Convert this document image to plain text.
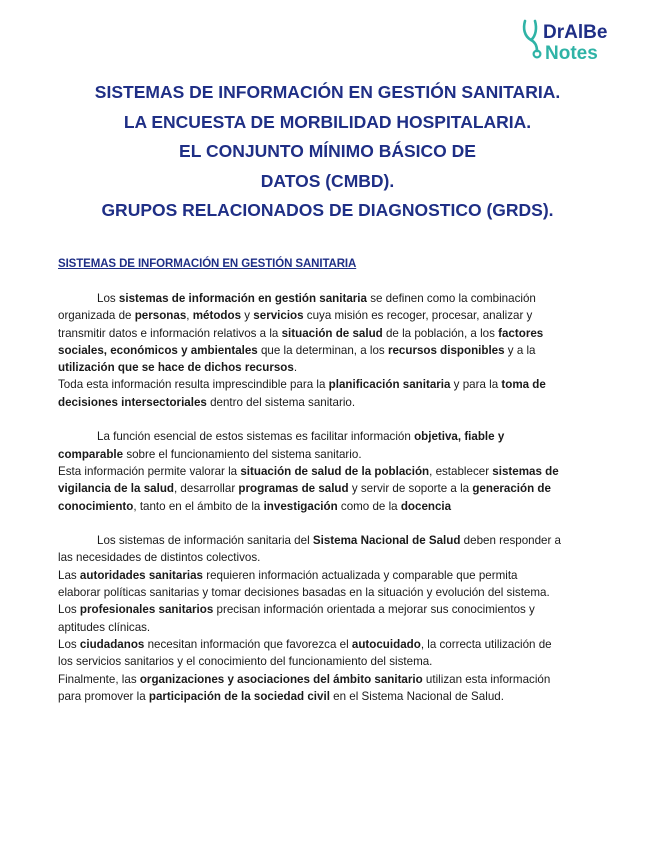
DrAlBe
Notes
SISTEMAS DE INFORMACIÓN EN GESTIÓN SANITARIA.
LA ENCUESTA DE MORBILIDAD HOSPITALARIA.
EL CONJUNTO MÍNIMO BÁSICO DE
DATOS (CMBD).
GRUPOS RELACIONADOS DE DIAGNOSTICO (GRDS).
SISTEMAS DE INFORMACIÓN EN GESTIÓN SANITARIA
Los sistemas de información en gestión sanitaria se definen como la combinación
organizada de personas, métodos y servicios cuya misión es recoger, procesar, analizar y
transmitir datos e información relativos a la situación de salud de la población, a los factores
sociales, económicos y ambientales que la determinan, a los recursos disponibles y a la
utilización que se hace de dichos recursos.
Toda esta información resulta imprescindible para la planificación sanitaria y para la toma de
decisiones intersectoriales dentro del sistema sanitario.
La función esencial de estos sistemas es facilitar información objetiva, fiable y
comparable sobre el funcionamiento del sistema sanitario.
Esta información permite valorar la situación de salud de la población, establecer sistemas de
vigilancia de la salud, desarrollar programas de salud y servir de soporte a la generación de
conocimiento, tanto en el ámbito de la investigación como de la docencia
Los sistemas de información sanitaria del Sistema Nacional de Salud deben responder a
las necesidades de distintos colectivos.
Las autoridades sanitarias requieren información actualizada y comparable que permita
elaborar políticas sanitarias y tomar decisiones basadas en la situación y evolución del sistema.
Los profesionales sanitarios precisan información orientada a mejorar sus conocimientos y
aptitudes clínicas.
Los ciudadanos necesitan información que favorezca el autocuidado, la correcta utilización de
los servicios sanitarios y el conocimiento del funcionamiento del sistema.
Finalmente, las organizaciones y asociaciones del ámbito sanitario utilizan esta información
para promover la participación de la sociedad civil en el Sistema Nacional de Salud.
